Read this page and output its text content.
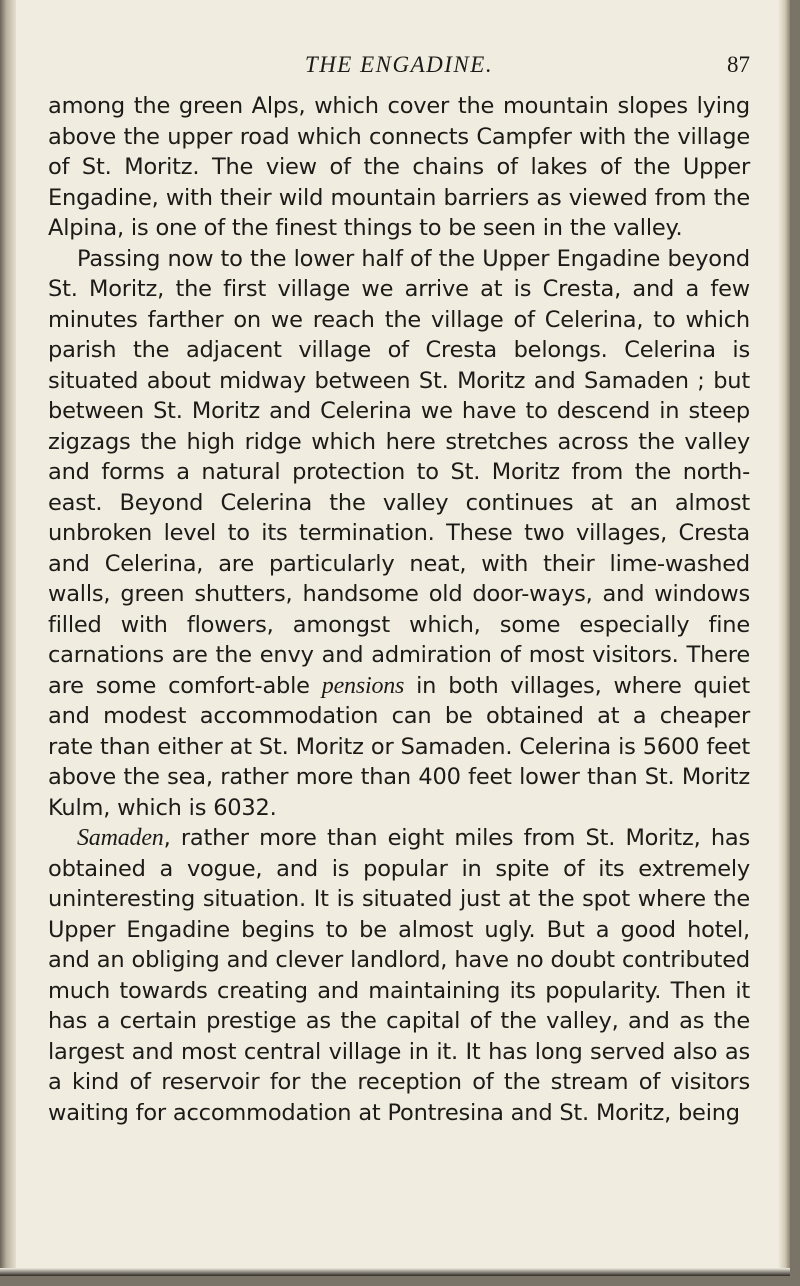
THE ENGADINE.	87

among the green Alps, which cover the mountain slopes lying above the upper road which connects Campfer with the village of St. Moritz. The view of the chains of lakes of the Upper Engadine, with their wild mountain barriers as viewed from the Alpina, is one of the finest things to be seen in the valley.

Passing now to the lower half of the Upper Engadine beyond St. Moritz, the first village we arrive at is Cresta, and a few minutes farther on we reach the village of Celerina, to which parish the adjacent village of Cresta belongs. Celerina is situated about midway between St. Moritz and Samaden ; but between St. Moritz and Celerina we have to descend in steep zigzags the high ridge which here stretches across the valley and forms a natural protection to St. Moritz from the north-east. Beyond Celerina the valley continues at an almost unbroken level to its termination. These two villages, Cresta and Celerina, are particularly neat, with their lime-washed walls, green shutters, handsome old door-ways, and windows filled with flowers, amongst which, some especially fine carnations are the envy and admiration of most visitors. There are some comfort-able pensions in both villages, where quiet and modest accommodation can be obtained at a cheaper rate than either at St. Moritz or Samaden. Celerina is 5600 feet above the sea, rather more than 400 feet lower than St. Moritz Kulm, which is 6032.

Samaden, rather more than eight miles from St. Moritz, has obtained a vogue, and is popular in spite of its extremely uninteresting situation. It is situated just at the spot where the Upper Engadine begins to be almost ugly. But a good hotel, and an obliging and clever landlord, have no doubt contributed much towards creating and maintaining its popularity. Then it has a certain prestige as the capital of the valley, and as the largest and most central village in it. It has long served also as a kind of reservoir for the reception of the stream of visitors waiting for accommodation at Pontresina and St. Moritz, being
